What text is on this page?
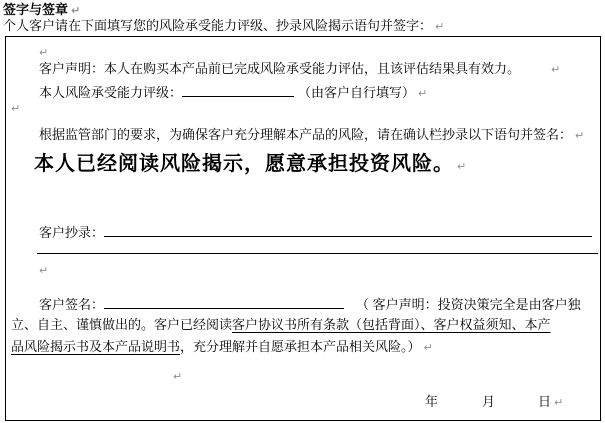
签字与签章 ↵
个人客户请在下面填写您的风险承受能力评级、抄录风险揭示语句并签字： ↵
↵
客户声明：本人在购买本产品前已完成风险承受能力评估，且该评估结果具有效力。	↵
本人风险承受能力评级：	（由客户自行填写） ↵
↵
根据监管部门的要求，为确保客户充分理解本产品的风险，请在确认栏抄录以下语句并签名： ↵
本人已经阅读风险揭示，愿意承担投资风险。 ↵
客户抄录：
↵
客户签名：	（ 客户声明：投资决策完全是由客户独
立、自主、谨慎做出的。客户已经阅读客户协议书所有条款（包括背面）、客户权益须知、本产
品风险揭示书及本产品说明书，充分理解并自愿承担本产品相关风险。） ↵
↵
年	月	日 ↵
